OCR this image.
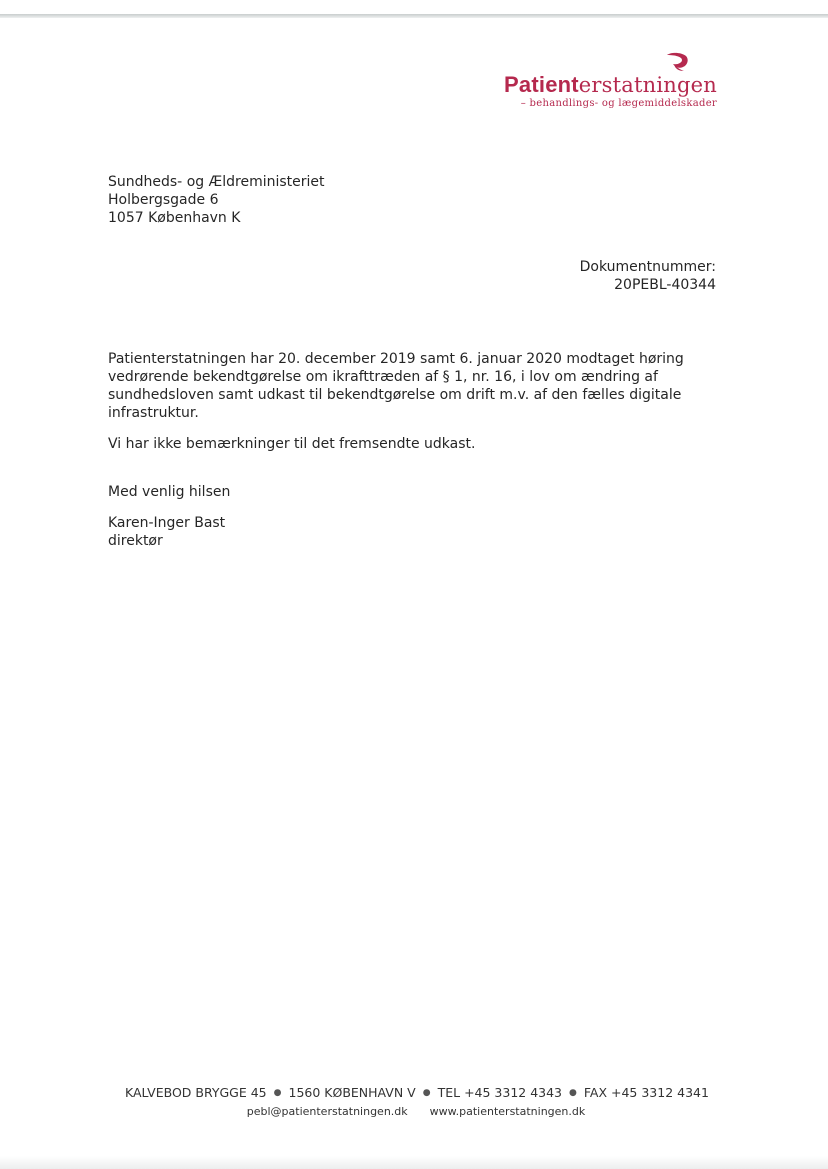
Patienterstatningen
– behandlings- og lægemiddelskader
Sundheds- og Ældreministeriet
Holbergsgade 6
1057 København K
Dokumentnummer:
20PEBL-40344

Patienterstatningen har 20. december 2019 samt 6. januar 2020 modtaget høring vedrørende bekendtgørelse om ikrafttræden af § 1, nr. 16, i lov om ændring af sundhedsloven samt udkast til bekendtgørelse om drift m.v. af den fælles digitale infrastruktur.

Vi har ikke bemærkninger til det fremsendte udkast.

Med venlig hilsen
Karen-Inger Bast
direktør
KALVEBOD BRYGGE 45 ● 1560 KØBENHAVN V ● TEL +45 3312 4343 ● FAX +45 3312 4341
pebl@patienterstatningen.dk www.patienterstatningen.dk
